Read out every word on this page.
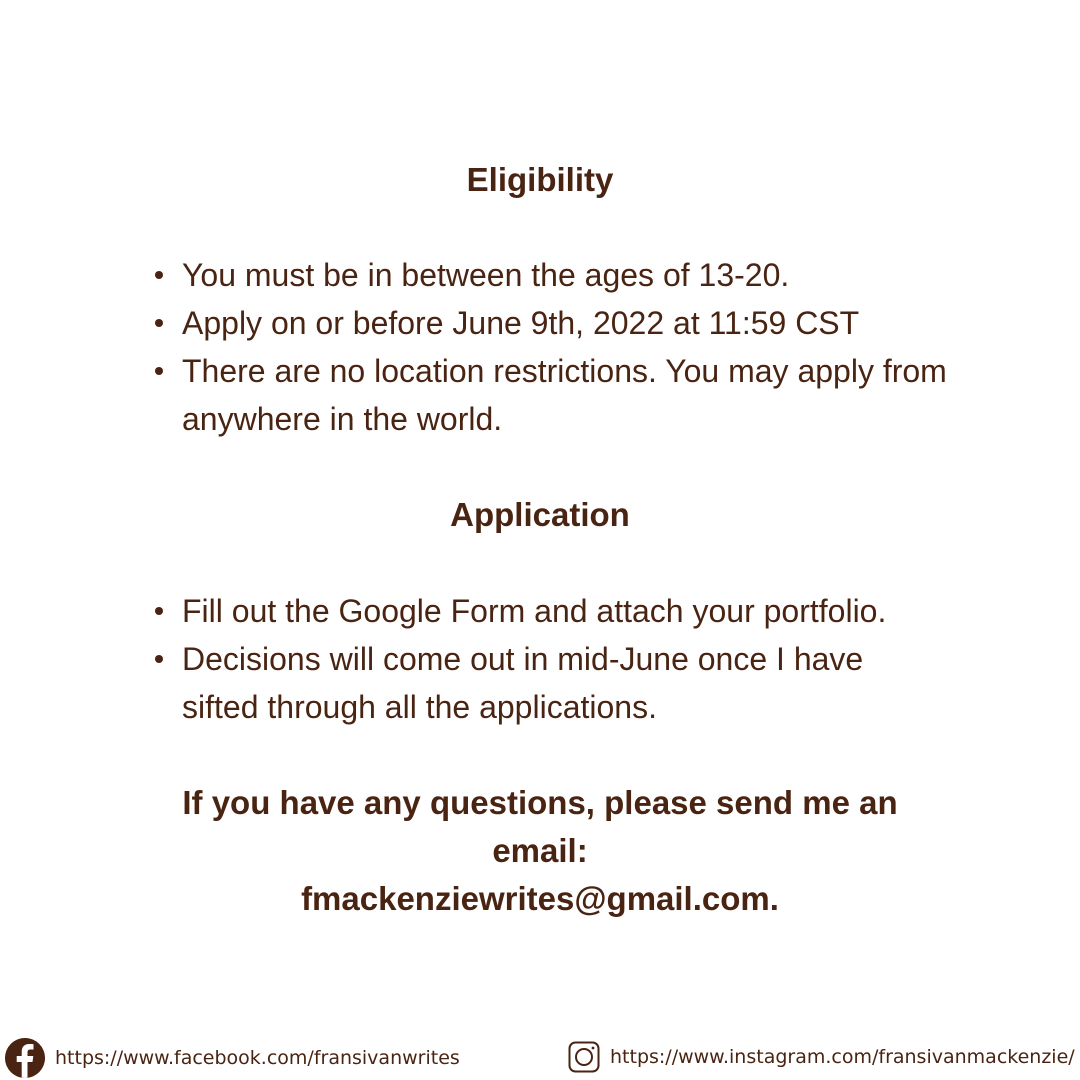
Eligibility
You must be in between the ages of 13-20.
Apply on or before June 9th, 2022 at 11:59 CST
There are no location restrictions. You may apply from anywhere in the world.
Application
Fill out the Google Form and attach your portfolio.
Decisions will come out in mid-June once I have sifted through all the applications.

If you have any questions, please send me an
email:
fmackenziewrites@gmail.com.

https://www.facebook.com/fransivanwrites	https://www.instagram.com/fransivanmackenzie/
